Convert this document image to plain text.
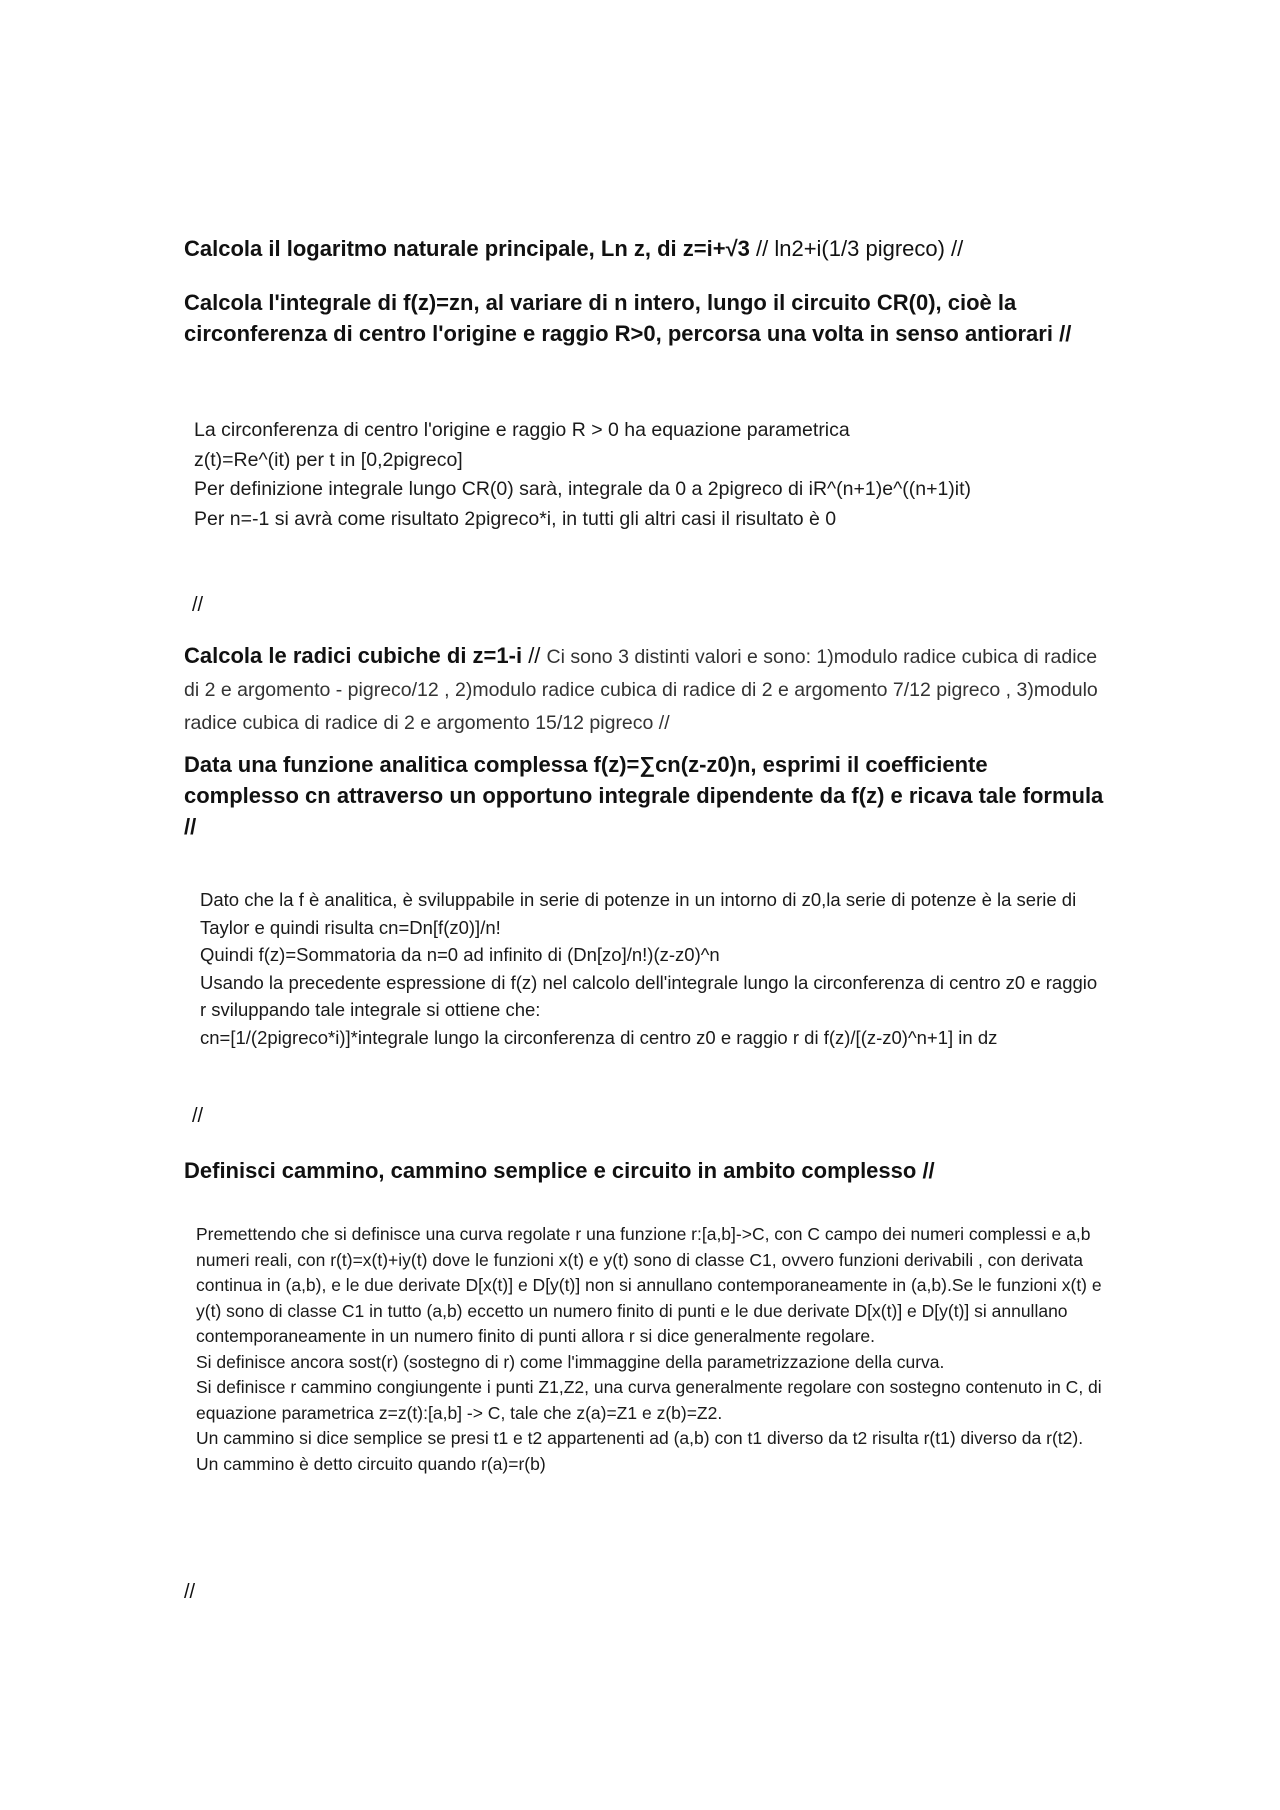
Calcola il logaritmo naturale principale, Ln z, di z=i+√3 // ln2+i(1/3 pigreco) //

Calcola l'integrale di f(z)=zn, al variare di n intero, lungo il circuito CR(0), cioè la circonferenza di centro l'origine e raggio R>0, percorsa una volta in senso antiorari //

La circonferenza di centro l'origine e raggio R > 0 ha equazione parametrica

z(t)=Re^(it) per t in [0,2pigreco]

Per definizione integrale lungo CR(0) sarà, integrale da 0 a 2pigreco di iR^(n+1)e^((n+1)it)

Per n=-1 si avrà come risultato 2pigreco*i, in tutti gli altri casi il risultato è 0

//

Calcola le radici cubiche di z=1-i // Ci sono 3 distinti valori e sono: 1)modulo radice cubica di radice di 2 e argomento - pigreco/12 , 2)modulo radice cubica di radice di 2 e argomento 7/12 pigreco , 3)modulo radice cubica di radice di 2 e argomento 15/12 pigreco //

Data una funzione analitica complessa f(z)=∑cn(z-z0)n, esprimi il coefficiente complesso cn attraverso un opportuno integrale dipendente da f(z) e ricava tale formula //

Dato che la f è analitica, è sviluppabile in serie di potenze in un intorno di z0,la serie di potenze è la serie di Taylor e quindi risulta cn=Dn[f(z0)]/n!

Quindi f(z)=Sommatoria da n=0 ad infinito di (Dn[zo]/n!)(z-z0)^n

Usando la precedente espressione di f(z) nel calcolo dell'integrale lungo la circonferenza di centro z0 e raggio r sviluppando tale integrale si ottiene che:

cn=[1/(2pigreco*i)]*integrale lungo la circonferenza di centro z0 e raggio r di f(z)/[(z-z0)^n+1] in dz

//

Definisci cammino, cammino semplice e circuito in ambito complesso //

Premettendo che si definisce una curva regolate r una funzione r:[a,b]->C, con C campo dei numeri complessi e a,b numeri reali, con r(t)=x(t)+iy(t) dove le funzioni x(t) e y(t) sono di classe C1, ovvero funzioni derivabili , con derivata continua in (a,b), e le due derivate D[x(t)] e D[y(t)] non si annullano contemporaneamente in (a,b).Se le funzioni x(t) e y(t) sono di classe C1 in tutto (a,b) eccetto un numero finito di punti e le due derivate D[x(t)] e D[y(t)] si annullano contemporaneamente in un numero finito di punti allora r si dice generalmente regolare.

Si definisce ancora sost(r) (sostegno di r) come l'immaggine della parametrizzazione della curva.

Si definisce r cammino congiungente i punti Z1,Z2, una curva generalmente regolare con sostegno contenuto in C, di equazione parametrica z=z(t):[a,b] -> C, tale che z(a)=Z1 e z(b)=Z2.

Un cammino si dice semplice se presi t1 e t2 appartenenti ad (a,b) con t1 diverso da t2 risulta r(t1) diverso da r(t2).

Un cammino è detto circuito quando r(a)=r(b)

//
